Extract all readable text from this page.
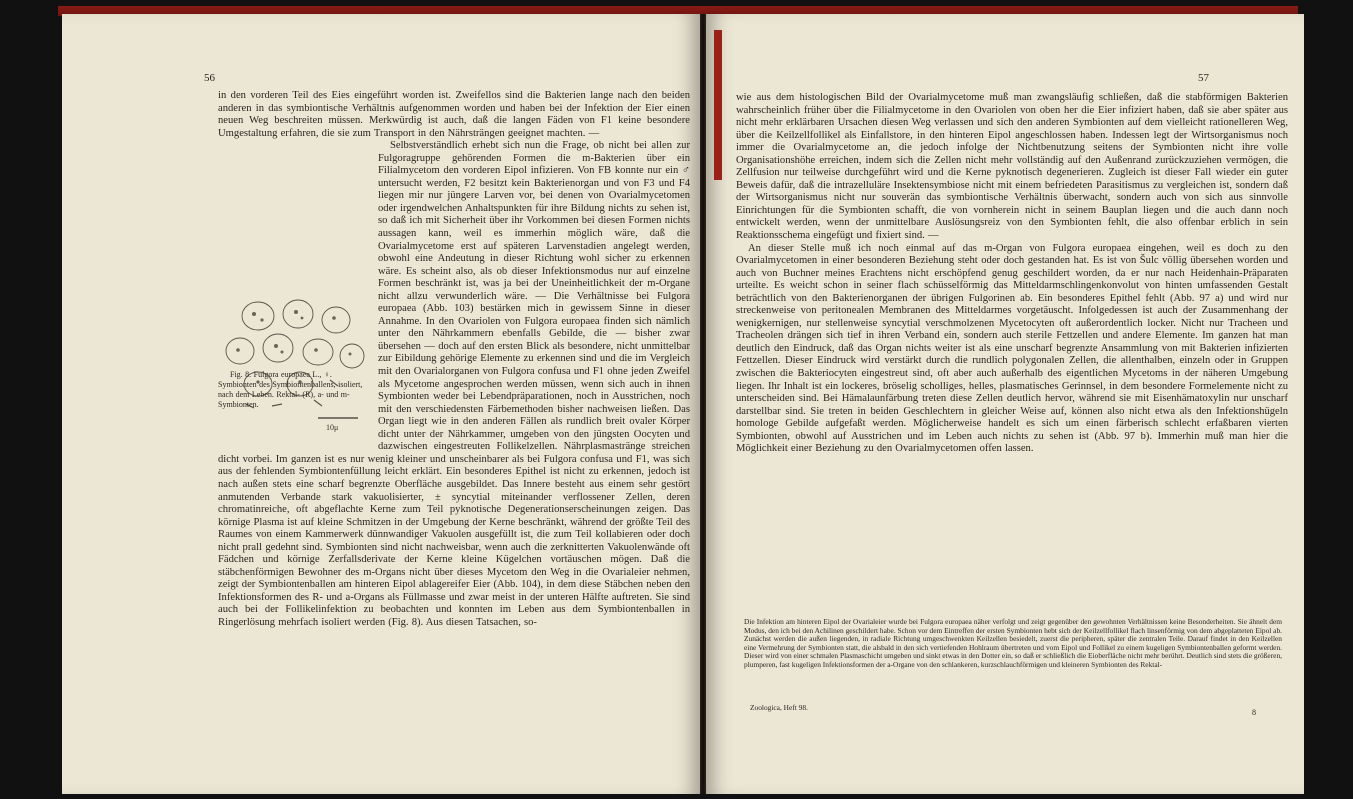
56

in den vorderen Teil des Eies eingeführt worden ist. Zweifellos sind die Bakterien lange nach den beiden anderen in das symbiontische Verhältnis aufgenommen worden und haben bei der Infektion der Eier einen neuen Weg beschreiten müssen. Merkwürdig ist auch, daß die langen Fäden von F1 keine besondere Umgestaltung erfahren, die sie zum Transport in den Nährsträngen geeignet machten. —

10μ
Fig. 8. Fulgora europaea L., ♀. Symbionten des Symbiontenballens, isoliert, nach dem Leben. Rektal- (R), a- und m-Symbionten.
Selbstverständlich erhebt sich nun die Frage, ob nicht bei allen zur Fulgoragruppe gehörenden Formen die m-Bakterien über ein Filialmycetom den vorderen Eipol infizieren. Von FB konnte nur ein ♂ untersucht werden, F2 besitzt kein Bakterienorgan und von F3 und F4 liegen mir nur jüngere Larven vor, bei denen von Ovarialmycetomen oder irgendwelchen Anhaltspunkten für ihre Bildung nichts zu sehen ist, so daß ich mit Sicherheit über ihr Vorkommen bei diesen Formen nichts aussagen kann, weil es immerhin möglich wäre, daß die Ovarialmycetome erst auf späteren Larvenstadien angelegt werden, obwohl eine Andeutung in dieser Richtung wohl sicher zu erkennen wäre. Es scheint also, als ob dieser Infektionsmodus nur auf einzelne Formen beschränkt ist, was ja bei der Uneinheitlichkeit der m-Organe nicht allzu verwunderlich wäre. — Die Verhältnisse bei Fulgora europaea (Abb. 103) bestärken mich in gewissem Sinne in dieser Annahme. In den Ovariolen von Fulgora europaea finden sich nämlich unter den Nährkammern ebenfalls Gebilde, die — bisher zwar übersehen — doch auf den ersten Blick als besondere, nicht unmittelbar zur Eibildung gehörige Elemente zu erkennen sind und die im Vergleich mit den Ovarialorganen von Fulgora confusa und F1 ohne jeden Zweifel als Mycetome angesprochen werden müssen, wenn sich auch in ihnen Symbionten weder bei Lebendpräparationen, noch in Ausstrichen, noch mit den verschiedensten Färbemethoden bisher nachweisen ließen. Das Organ liegt wie in den anderen Fällen als rundlich breit ovaler Körper dicht unter der Nährkammer, umgeben von den jüngsten Oocyten und dazwischen eingestreuten Follikelzellen. Nährplasmastränge streichen dicht vorbei. Im ganzen ist es nur wenig kleiner und unscheinbarer als bei Fulgora confusa und F1, was sich aus der fehlenden Symbiontenfüllung leicht erklärt. Ein besonderes Epithel ist nicht zu erkennen, jedoch ist nach außen stets eine scharf begrenzte Oberfläche ausgebildet. Das Innere besteht aus einem sehr gestört anmutenden Verbande stark vakuolisierter, ± syncytial miteinander verflossener Zellen, deren chromatinreiche, oft abgeflachte Kerne zum Teil pyknotische Degenerationserscheinungen zeigen. Das körnige Plasma ist auf kleine Schmitzen in der Umgebung der Kerne beschränkt, während der größte Teil des Raumes von einem Kammerwerk dünnwandiger Vakuolen ausgefüllt ist, die zum Teil kollabieren oder doch nicht prall gedehnt sind. Symbionten sind nicht nachweisbar, wenn auch die zerknitterten Vakuolenwände oft Fädchen und körnige Zerfallsderivate der Kerne kleine Kügelchen vortäuschen mögen. Daß die stäbchenförmigen Bewohner des m-Organs nicht über dieses Mycetom den Weg in die Ovarialeier nehmen, zeigt der Symbiontenballen am hinteren Eipol ablagereifer Eier (Abb. 104), in dem diese Stäbchen neben den Infektionsformen des R- und a-Organs als Füllmasse und zwar meist in der unteren Hälfte auftreten. Sie sind auch bei der Follikelinfektion zu beobachten und konnten im Leben aus dem Symbiontenballen in Ringerlösung mehrfach isoliert werden (Fig. 8). Aus diesen Tatsachen, so-

57

wie aus dem histologischen Bild der Ovarialmycetome muß man zwangsläufig schließen, daß die stabförmigen Bakterien wahrscheinlich früher über die Filialmycetome in den Ovariolen von oben her die Eier infiziert haben, daß sie aber später aus nicht mehr erklärbaren Ursachen diesen Weg verlassen und sich den anderen Symbionten auf dem vielleicht rationelleren Weg, über die Keilzellfollikel als Einfallstore, in den hinteren Eipol angeschlossen haben. Indessen legt der Wirtsorganismus noch immer die Ovarialmycetome an, die jedoch infolge der Nichtbenutzung seitens der Symbionten nicht ihre volle Organisationshöhe erreichen, indem sich die Zellen nicht mehr vollständig auf den Außenrand zurückzuziehen vermögen, die Zellfusion nur teilweise durchgeführt wird und die Kerne pyknotisch degenerieren. Zugleich ist dieser Fall wieder ein guter Beweis dafür, daß die intrazelluläre Insektensymbiose nicht mit einem befriedeten Parasitismus zu vergleichen ist, sondern daß der Wirtsorganismus nicht nur souverän das symbiontische Verhältnis überwacht, sondern auch von sich aus sinnvolle Einrichtungen für die Symbionten schafft, die von vornherein nicht in seinem Bauplan liegen und die auch dann noch entwickelt werden, wenn der unmittelbare Auslösungsreiz von den Symbionten fehlt, die also offenbar erblich in sein Reaktionsschema eingefügt und fixiert sind. —

An dieser Stelle muß ich noch einmal auf das m-Organ von Fulgora europaea eingehen, weil es doch zu den Ovarialmycetomen in einer besonderen Beziehung steht oder doch gestanden hat. Es ist von Šulc völlig übersehen worden und auch von Buchner meines Erachtens nicht erschöpfend genug geschildert worden, da er nur nach Heidenhain-Präparaten urteilte. Es weicht schon in seiner flach schüsselförmig das Mitteldarmschlingenkonvolut von hinten umfassenden Gestalt beträchtlich von den Bakterienorganen der übrigen Fulgorinen ab. Ein besonderes Epithel fehlt (Abb. 97 a) und wird nur streckenweise von peritonealen Membranen des Mitteldarmes vorgetäuscht. Infolgedessen ist auch der Zusammenhang der wenigkernigen, nur stellenweise syncytial verschmolzenen Mycetocyten oft außerordentlich locker. Nicht nur Tracheen und Tracheolen drängen sich tief in ihren Verband ein, sondern auch sterile Fettzellen und andere Elemente. Im ganzen hat man deutlich den Eindruck, daß das Organ nichts weiter ist als eine unscharf begrenzte Ansammlung von mit Bakterien infizierten Fettzellen. Dieser Eindruck wird verstärkt durch die rundlich polygonalen Zellen, die allenthalben, einzeln oder in Gruppen zwischen die Bakteriocyten eingestreut sind, oft aber auch außerhalb des eigentlichen Mycetoms in der näheren Umgebung liegen. Ihr Inhalt ist ein lockeres, bröselig scholliges, helles, plasmatisches Gerinnsel, in dem besondere Formelemente nicht zu unterscheiden sind. Bei Hämalaunfärbung treten diese Zellen deutlich hervor, während sie mit Eisenhämatoxylin nur unscharf darstellbar sind. Sie treten in beiden Geschlechtern in gleicher Weise auf, können also nicht etwa als den Infektionshügeln homologe Gebilde aufgefaßt werden. Möglicherweise handelt es sich um einen färberisch schlecht erfaßbaren vierten Symbionten, obwohl auf Ausstrichen und im Leben auch nichts zu sehen ist (Abb. 97 b). Immerhin muß man hier die Möglichkeit einer Beziehung zu den Ovarialmycetomen offen lassen.

Die Infektion am hinteren Eipol der Ovarialeier wurde bei Fulgora europaea näher verfolgt und zeigt gegenüber den gewohnten Verhältnissen keine Besonderheiten. Sie ähnelt dem Modus, den ich bei den Achilinen geschildert habe. Schon vor dem Eintreffen der ersten Symbionten hebt sich der Keilzellfollikel flach linsenförmig von dem abgeplatteten Eipol ab. Zunächst werden die außen liegenden, in radiale Richtung umgeschwenkten Keilzellen besiedelt, zuerst die peripheren, später die zentralen Teile. Darauf findet in den Keilzellen eine Vermehrung der Symbionten statt, die alsbald in den sich vertiefenden Hohlraum übertreten und vom Eipol und Follikel zu einem kugeligen Symbiontenballen geformt werden. Dieser wird von einer schmalen Plasmaschicht umgeben und sinkt etwas in den Dotter ein, so daß er schließlich die Eioberfläche nicht mehr berührt. Deutlich sind stets die größeren, plumperen, fast kugeligen Infektionsformen der a-Organe von den schlankeren, kurzschlauchförmigen und kleineren Symbionten des Rektal-
Zoologica, Heft 98.
8
